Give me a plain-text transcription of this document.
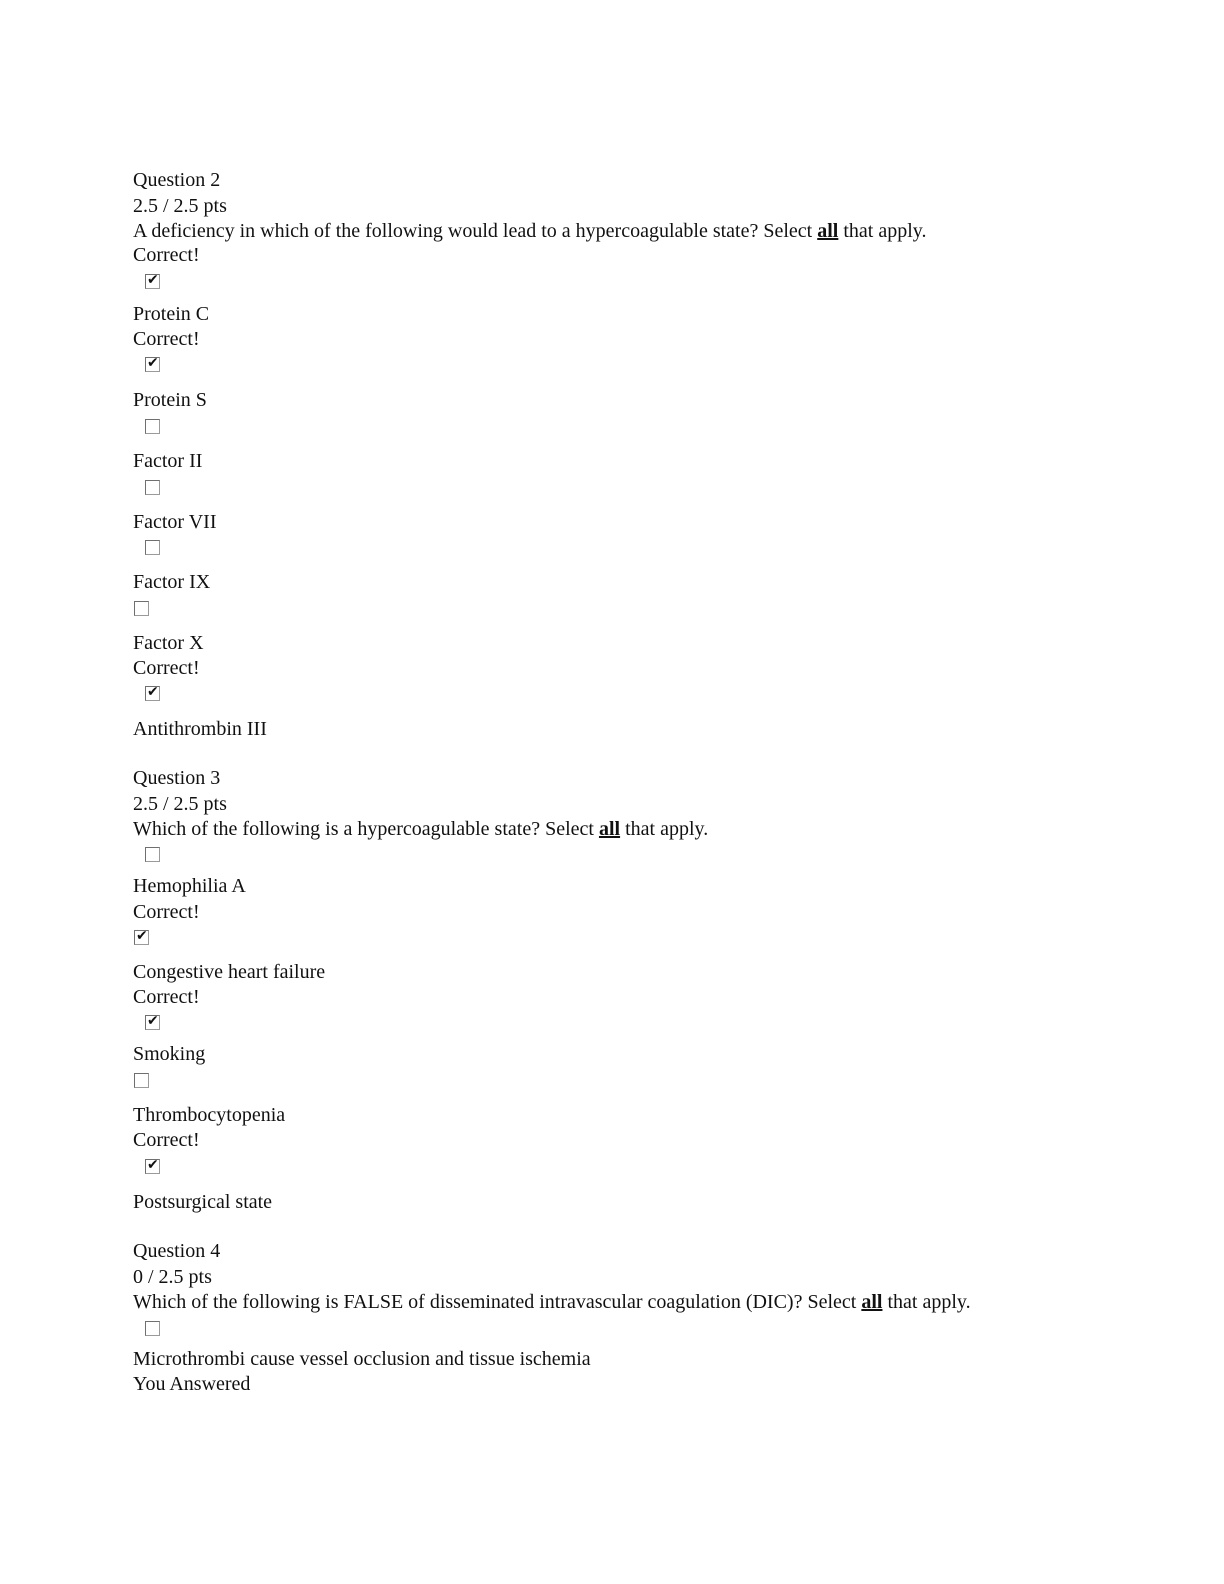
Question 2
2.5 / 2.5 pts
A deficiency in which of the following would lead to a hypercoagulable state? Select all that apply.
Correct!
✔
Protein C
Correct!
✔
Protein S
Factor II
Factor VII
Factor IX
Factor X
Correct!
✔
Antithrombin III
Question 3
2.5 / 2.5 pts
Which of the following is a hypercoagulable state? Select all that apply.
Hemophilia A
Correct!
✔
Congestive heart failure
Correct!
✔
Smoking
Thrombocytopenia
Correct!
✔
Postsurgical state
Question 4
0 / 2.5 pts
Which of the following is FALSE of disseminated intravascular coagulation (DIC)? Select all that apply.
Microthrombi cause vessel occlusion and tissue ischemia
You Answered
